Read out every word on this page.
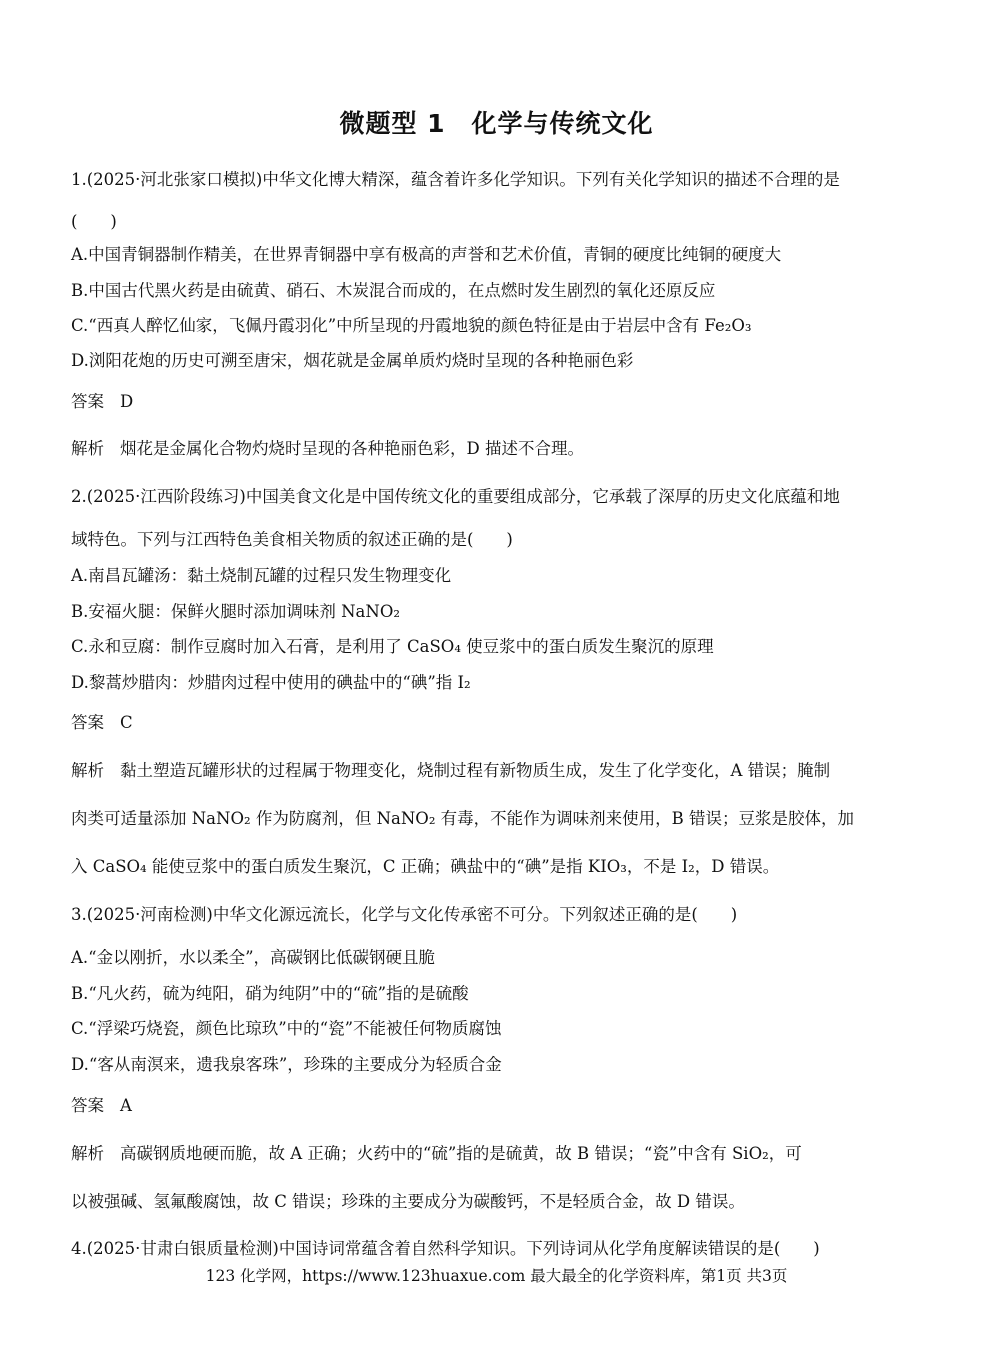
微题型 1　化学与传统文化
1.(2025·河北张家口模拟)中华文化博大精深，蕴含着许多化学知识。下列有关化学知识的描述不合理的是
(　　)
A.中国青铜器制作精美，在世界青铜器中享有极高的声誉和艺术价值，青铜的硬度比纯铜的硬度大
B.中国古代黑火药是由硫黄、硝石、木炭混合而成的，在点燃时发生剧烈的氧化还原反应
C.“西真人醉忆仙家，飞佩丹霞羽化”中所呈现的丹霞地貌的颜色特征是由于岩层中含有 Fe₂O₃
D.浏阳花炮的历史可溯至唐宋，烟花就是金属单质灼烧时呈现的各种艳丽色彩
答案 D
解析 烟花是金属化合物灼烧时呈现的各种艳丽色彩，D 描述不合理。
2.(2025·江西阶段练习)中国美食文化是中国传统文化的重要组成部分，它承载了深厚的历史文化底蕴和地
域特色。下列与江西特色美食相关物质的叙述正确的是(　　)
A.南昌瓦罐汤：黏土烧制瓦罐的过程只发生物理变化
B.安福火腿：保鲜火腿时添加调味剂 NaNO₂
C.永和豆腐：制作豆腐时加入石膏，是利用了 CaSO₄ 使豆浆中的蛋白质发生聚沉的原理
D.黎蒿炒腊肉：炒腊肉过程中使用的碘盐中的“碘”指 I₂
答案 C
解析 黏土塑造瓦罐形状的过程属于物理变化，烧制过程有新物质生成，发生了化学变化，A 错误；腌制
肉类可适量添加 NaNO₂ 作为防腐剂，但 NaNO₂ 有毒，不能作为调味剂来使用，B 错误；豆浆是胶体，加
入 CaSO₄ 能使豆浆中的蛋白质发生聚沉，C 正确；碘盐中的“碘”是指 KIO₃，不是 I₂，D 错误。
3.(2025·河南检测)中华文化源远流长，化学与文化传承密不可分。下列叙述正确的是(　　)
A.“金以刚折，水以柔全”，高碳钢比低碳钢硬且脆
B.“凡火药，硫为纯阳，硝为纯阴”中的“硫”指的是硫酸
C.“浮梁巧烧瓷，颜色比琼玖”中的“瓷”不能被任何物质腐蚀
D.“客从南溟来，遗我泉客珠”，珍珠的主要成分为轻质合金
答案 A
解析 高碳钢质地硬而脆，故 A 正确；火药中的“硫”指的是硫黄，故 B 错误；“瓷”中含有 SiO₂，可
以被强碱、氢氟酸腐蚀，故 C 错误；珍珠的主要成分为碳酸钙，不是轻质合金，故 D 错误。
4.(2025·甘肃白银质量检测)中国诗词常蕴含着自然科学知识。下列诗词从化学角度解读错误的是(　　)
123 化学网，https://www.123huaxue.com 最大最全的化学资料库，第1页 共3页
